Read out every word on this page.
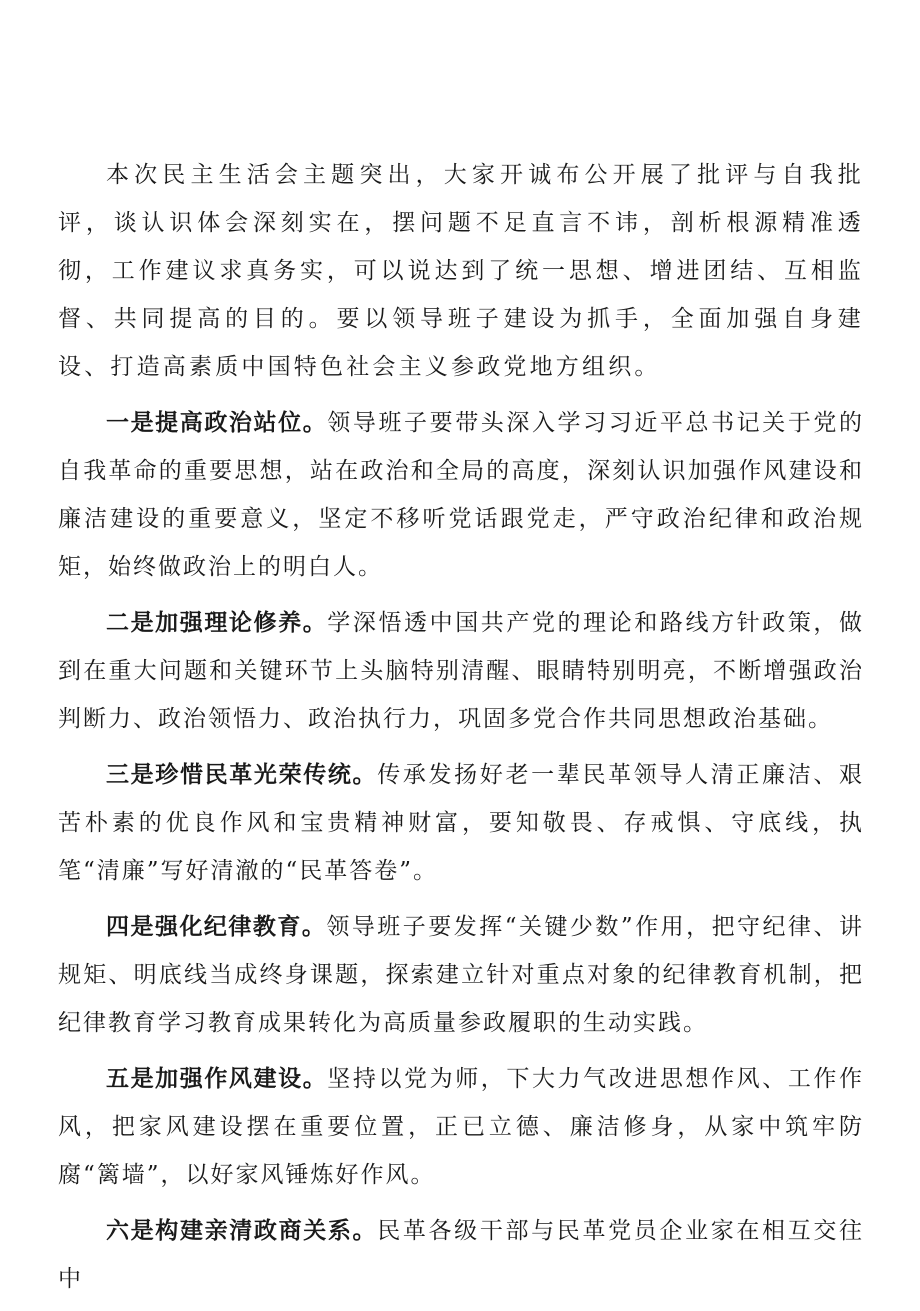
本次民主生活会主题突出，大家开诚布公开展了批评与自我批评，谈认识体会深刻实在，摆问题不足直言不讳，剖析根源精准透彻，工作建议求真务实，可以说达到了统一思想、增进团结、互相监督、共同提高的目的。要以领导班子建设为抓手，全面加强自身建设、打造高素质中国特色社会主义参政党地方组织。

一是提高政治站位。领导班子要带头深入学习习近平总书记关于党的自我革命的重要思想，站在政治和全局的高度，深刻认识加强作风建设和廉洁建设的重要意义，坚定不移听党话跟党走，严守政治纪律和政治规矩，始终做政治上的明白人。

二是加强理论修养。学深悟透中国共产党的理论和路线方针政策，做到在重大问题和关键环节上头脑特别清醒、眼睛特别明亮，不断增强政治判断力、政治领悟力、政治执行力，巩固多党合作共同思想政治基础。

三是珍惜民革光荣传统。传承发扬好老一辈民革领导人清正廉洁、艰苦朴素的优良作风和宝贵精神财富，要知敬畏、存戒惧、守底线，执笔“清廉”写好清澈的“民革答卷”。

四是强化纪律教育。领导班子要发挥“关键少数”作用，把守纪律、讲规矩、明底线当成终身课题，探索建立针对重点对象的纪律教育机制，把纪律教育学习教育成果转化为高质量参政履职的生动实践。

五是加强作风建设。坚持以党为师，下大力气改进思想作风、工作作风，把家风建设摆在重要位置，正已立德、廉洁修身，从家中筑牢防腐“篱墙”，以好家风锤炼好作风。

六是构建亲清政商关系。民革各级干部与民革党员企业家在相互交往中
